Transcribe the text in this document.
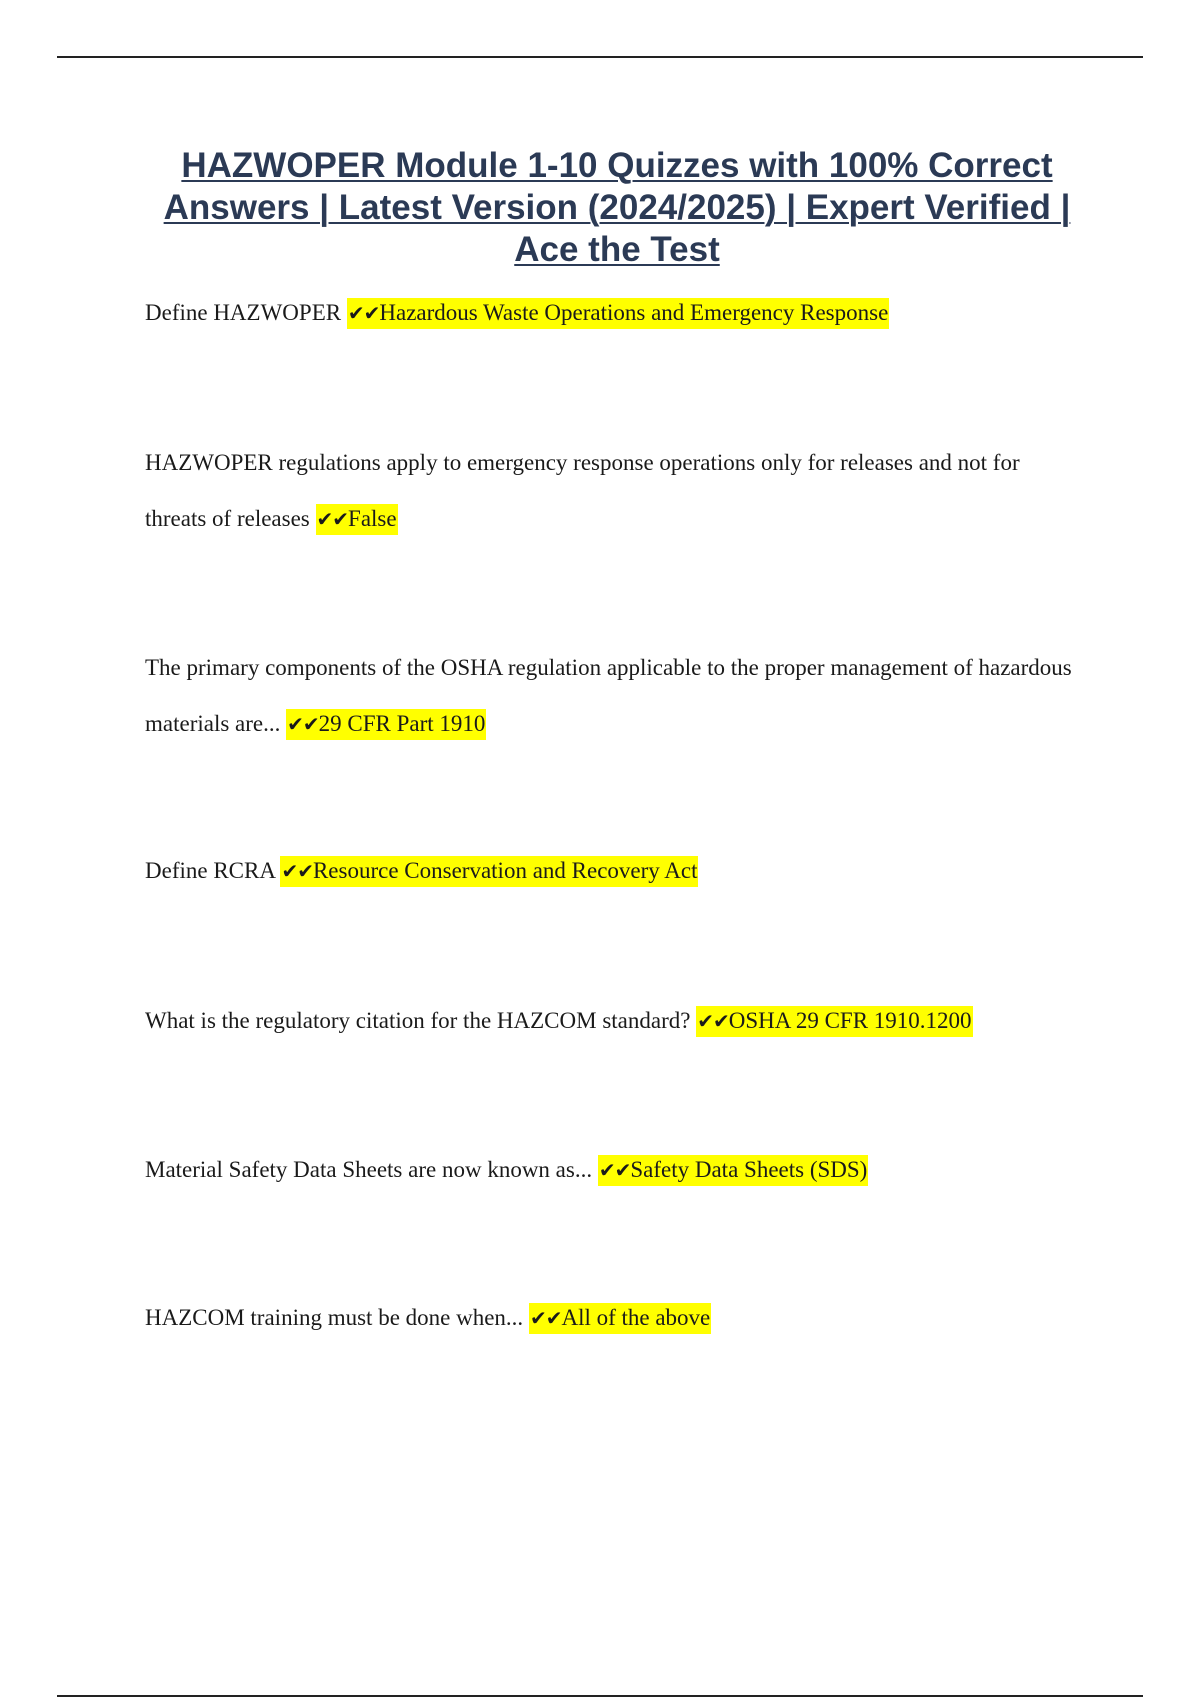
HAZWOPER Module 1-10 Quizzes with 100% Correct Answers | Latest Version (2024/2025) | Expert Verified | Ace the Test

Define HAZWOPER ✔✔Hazardous Waste Operations and Emergency Response

HAZWOPER regulations apply to emergency response operations only for releases and not for threats of releases ✔✔False

The primary components of the OSHA regulation applicable to the proper management of hazardous materials are... ✔✔29 CFR Part 1910

Define RCRA ✔✔Resource Conservation and Recovery Act

What is the regulatory citation for the HAZCOM standard? ✔✔OSHA 29 CFR 1910.1200

Material Safety Data Sheets are now known as... ✔✔Safety Data Sheets (SDS)

HAZCOM training must be done when... ✔✔All of the above
